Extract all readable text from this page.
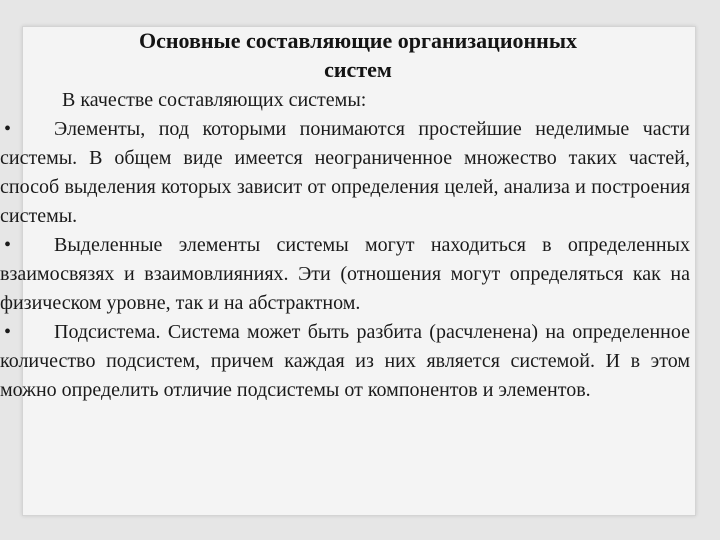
Основные составляющие организационных
систем

В качестве составляющих системы:

• Элементы, под которыми понимаются простейшие неделимые части системы. В общем виде имеется неограниченное множество таких частей, способ выделения которых зависит от определения целей, анализа и построения системы.

• Выделенные элементы системы могут находиться в определенных взаимосвязях и взаимовлияниях. Эти (отношения могут определяться как на физическом уровне, так и на абстрактном.

• Подсистема. Система может быть разбита (расчленена) на определенное количество подсистем, причем каждая из них является системой. И в этом можно определить отличие подсистемы от компонентов и элементов.
